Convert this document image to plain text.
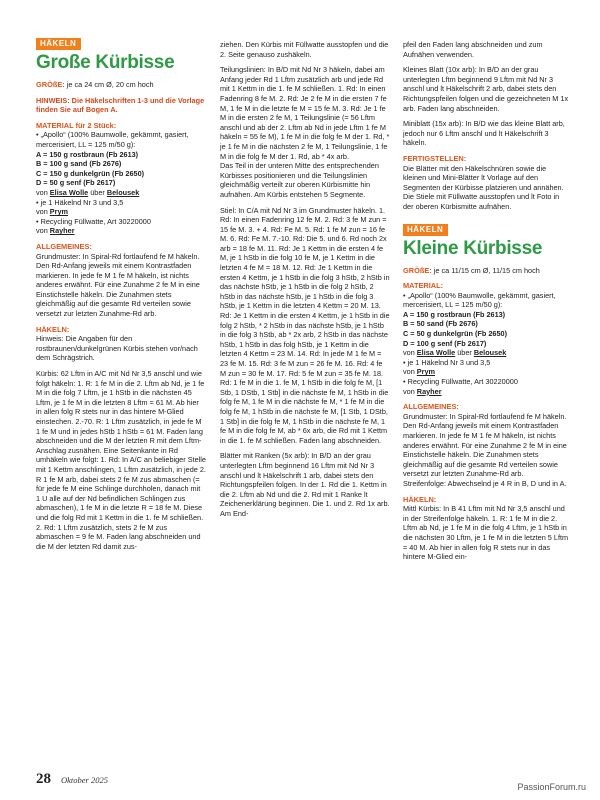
HÄKELN
Große Kürbisse

GRÖßE: je ca 24 cm Ø, 20 cm hoch

HINWEIS: Die Häkelschriften 1-3 und die Vorlage finden Sie auf Bogen A.

MATERIAL für 2 Stück:

• „Apollo“ (100% Baumwolle, gekämmt, gasiert, mercerisiert, LL = 125 m/50 g):

A = 150 g rostbraun (Fb 2613)

B = 100 g sand (Fb 2676)

C = 150 g dunkelgrün (Fb 2650)

D = 50 g senf (Fb 2617)

von Elisa Wolle über Belousek

• je 1 Häkelnd Nr 3 und 3,5

von Prym

• Recycling Füllwatte, Art 30220000

von Rayher

ALLGEMEINES:

Grundmuster: In Spiral-Rd fortlaufend fe M häkeln. Den Rd-Anfang jeweils mit einem Kontrastfaden markieren. In jede fe M 1 fe M häkeln, ist nichts anderes erwähnt. Für eine Zunahme 2 fe M in eine Einstichstelle häkeln. Die Zunahmen stets gleichmäßig auf die gesamte Rd verteilen sowie versetzt zur letzten Zunahme-Rd arb.

HÄKELN:

Hinweis: Die Angaben für den rostbraunen/dunkelgrünen Kürbis stehen vor/nach dem Schrägstrich.

Kürbis: 62 Lftm in A/C mit Nd Nr 3,5 anschl und wie folgt häkeln: 1. R: 1 fe M in die 2. Lftm ab Nd, je 1 fe M in die folg 7 Lftm, je 1 hStb in die nächsten 45 Lftm, je 1 fe M in die letzten 8 Lftm = 61 M. Ab hier in allen folg R stets nur in das hintere M-Glied einstechen. 2.-70. R: 1 Lftm zusätzlich, in jede fe M 1 fe M und in jedes hStb 1 hStb = 61 M. Faden lang abschneiden und die M der letzten R mit dem Lftm-Anschlag zusnähen. Eine Seitenkante in Rd umhäkeln wie folgt: 1. Rd: In A/C an beliebiger Stelle mit 1 Kettm anschlingen, 1 Lftm zusätzlich, in jede 2. R 1 fe M arb, dabei stets 2 fe M zus abmaschen (= für jede fe M eine Schlinge durchholen, danach mit 1 U alle auf der Nd befindlichen Schlingen zus abmaschen), 1 fe M in die letzte R = 18 fe M. Diese und die folg Rd mit 1 Kettm in die 1. fe M schließen. 2. Rd: 1 Lftm zusätzlich, stets 2 fe M zus abmaschen = 9 fe M. Faden lang abschneiden und die M der letzten Rd damit zus-

ziehen. Den Kürbis mit Füllwatte ausstopfen und die 2. Seite genauso zushäkeln.

Teilungslinien: In B/D mit Nd Nr 3 häkeln, dabei am Anfang jeder Rd 1 Lftm zusätzlich arb und jede Rd mit 1 Kettm in die 1. fe M schließen. 1. Rd: In einen Fadenring 8 fe M. 2. Rd: Je 2 fe M in die ersten 7 fe M, 1 fe M in die letzte fe M = 15 fe M. 3. Rd: Je 1 fe M in die ersten 2 fe M, 1 Teilungslinie (= 56 Lftm anschl und ab der 2. Lftm ab Nd in jede Lftm 1 fe M häkeln = 55 fe M), 1 fe M in die folg fe M der 1. Rd, * je 1 fe M in die nächsten 2 fe M, 1 Teilungslinie, 1 fe M in die folg fe M der 1. Rd, ab * 4x arb.

Das Teil in der unteren Mitte des entsprechenden Kürbisses positionieren und die Teilungslinien gleichmäßig verteilt zur oberen Kürbismitte hin aufnähen. Am Kürbis entstehen 5 Segmente.

Stiel: In C/A mit Nd Nr 3 im Grundmuster häkeln. 1. Rd: In einen Fadenring 12 fe M. 2. Rd: 3 fe M zun = 15 fe M. 3. + 4. Rd: Fe M. 5. Rd: 1 fe M zun = 16 fe M. 6. Rd: Fe M. 7.-10. Rd: Die 5. und 6. Rd noch 2x arb = 18 fe M. 11. Rd: Je 1 Kettm in die ersten 4 fe M, je 1 hStb in die folg 10 fe M, je 1 Kettm in die letzten 4 fe M = 18 M. 12. Rd: Je 1 Kettm in die ersten 4 Kettm, je 1 hStb in die folg 3 hStb, 2 hStb in das nächste hStb, je 1 hStb in die folg 2 hStb, 2 hStb in das nächste hStb, je 1 hStb in die folg 3 hStb, je 1 Kettm in die letzten 4 Kettm = 20 M. 13. Rd: Je 1 Kettm in die ersten 4 Kettm, je 1 hStb in die folg 2 hStb, * 2 hStb in das nächste hStb, je 1 hStb in die folg 3 hStb, ab * 2x arb, 2 hStb in das nächste hStb, 1 hStb in das folg hStb, je 1 Kettm in die letzten 4 Kettm = 23 M. 14. Rd: In jede M 1 fe M = 23 fe M. 15. Rd: 3 fe M zun = 26 fe M. 16. Rd: 4 fe M zun = 30 fe M. 17. Rd: 5 fe M zun = 35 fe M. 18. Rd: 1 fe M in die 1. fe M, 1 hStb in die folg fe M, [1 Stb, 1 DStb, 1 Stb] in die nächste fe M, 1 hStb in die folg fe M, 1 fe M in die nächste fe M, * 1 fe M in die folg fe M, 1 hStb in die nächste fe M, [1 Stb, 1 DStb, 1 Stb] in die folg fe M, 1 hStb in die nächste fe M, 1 fe M in die folg fe M, ab * 6x arb, die Rd mit 1 Kettm in die 1. fe M schließen. Faden lang abschneiden.

Blätter mit Ranken (5x arb): In B/D an der grau unterlegten Lftm beginnend 16 Lftm mit Nd Nr 3 anschl und lt Häkelschrift 1 arb, dabei stets den Richtungspfeilen folgen. In der 1. Rd die 1. Kettm in die 2. Lftm ab Nd und die 2. Rd mit 1 Ranke lt Zeichenerklärung beginnen. Die 1. und 2. Rd 1x arb. Am End-

pfeil den Faden lang abschneiden und zum Aufnähen verwenden.

Kleines Blatt (10x arb): In B/D an der grau unterlegten Lftm beginnend 9 Lftm mit Nd Nr 3 anschl und lt Häkelschrift 2 arb, dabei stets den Richtungspfeilen folgen und die gezeichneten M 1x arb. Faden lang abschneiden.

Miniblatt (15x arb): In B/D wie das kleine Blatt arb, jedoch nur 6 Lftm anschl und lt Häkelschrift 3 häkeln.

FERTIGSTELLEN:

Die Blätter mit den Häkelschnüren sowie die kleinen und Mini-Blätter lt Vorlage auf den Segmenten der Kürbisse platzieren und annähen. Die Stiele mit Füllwatte ausstopfen und lt Foto in der oberen Kürbismitte aufnähen.

HÄKELN
Kleine Kürbisse

GRÖßE: je ca 11/15 cm Ø, 11/15 cm hoch

MATERIAL:

• „Apollo“ (100% Baumwolle, gekämmt, gasiert, mercerisiert, LL = 125 m/50 g):

A = 150 g rostbraun (Fb 2613)

B = 50 sand (Fb 2676)

C = 50 g dunkelgrün (Fb 2650)

D = 100 g senf (Fb 2617)

von Elisa Wolle über Belousek

• je 1 Häkelnd Nr 3 und 3,5

von Prym

• Recycling Füllwatte, Art 30220000

von Rayher

ALLGEMEINES:

Grundmuster: In Spiral-Rd fortlaufend fe M häkeln. Den Rd-Anfang jeweils mit einem Kontrastfaden markieren. In jede fe M 1 fe M häkeln, ist nichts anderes erwähnt. Für eine Zunahme 2 fe M in eine Einstichstelle häkeln. Die Zunahmen stets gleichmäßig auf die gesamte Rd verteilen sowie versetzt zur letzten Zunahme-Rd arb.

Streifenfolge: Abwechselnd je 4 R in B, D und in A.

HÄKELN:

Mittl Kürbis: In B 41 Lftm mit Nd Nr 3,5 anschl und in der Streifenfolge häkeln. 1. R: 1 fe M in die 2. Lftm ab Nd, je 1 fe M in die folg 4 Lftm, je 1 hStb in die nächsten 30 Lftm, je 1 fe M in die letzten 5 Lftm = 40 M. Ab hier in allen folg R stets nur in das hintere M-Glied ein-

28 Oktober 2025
PassionForum.ru
